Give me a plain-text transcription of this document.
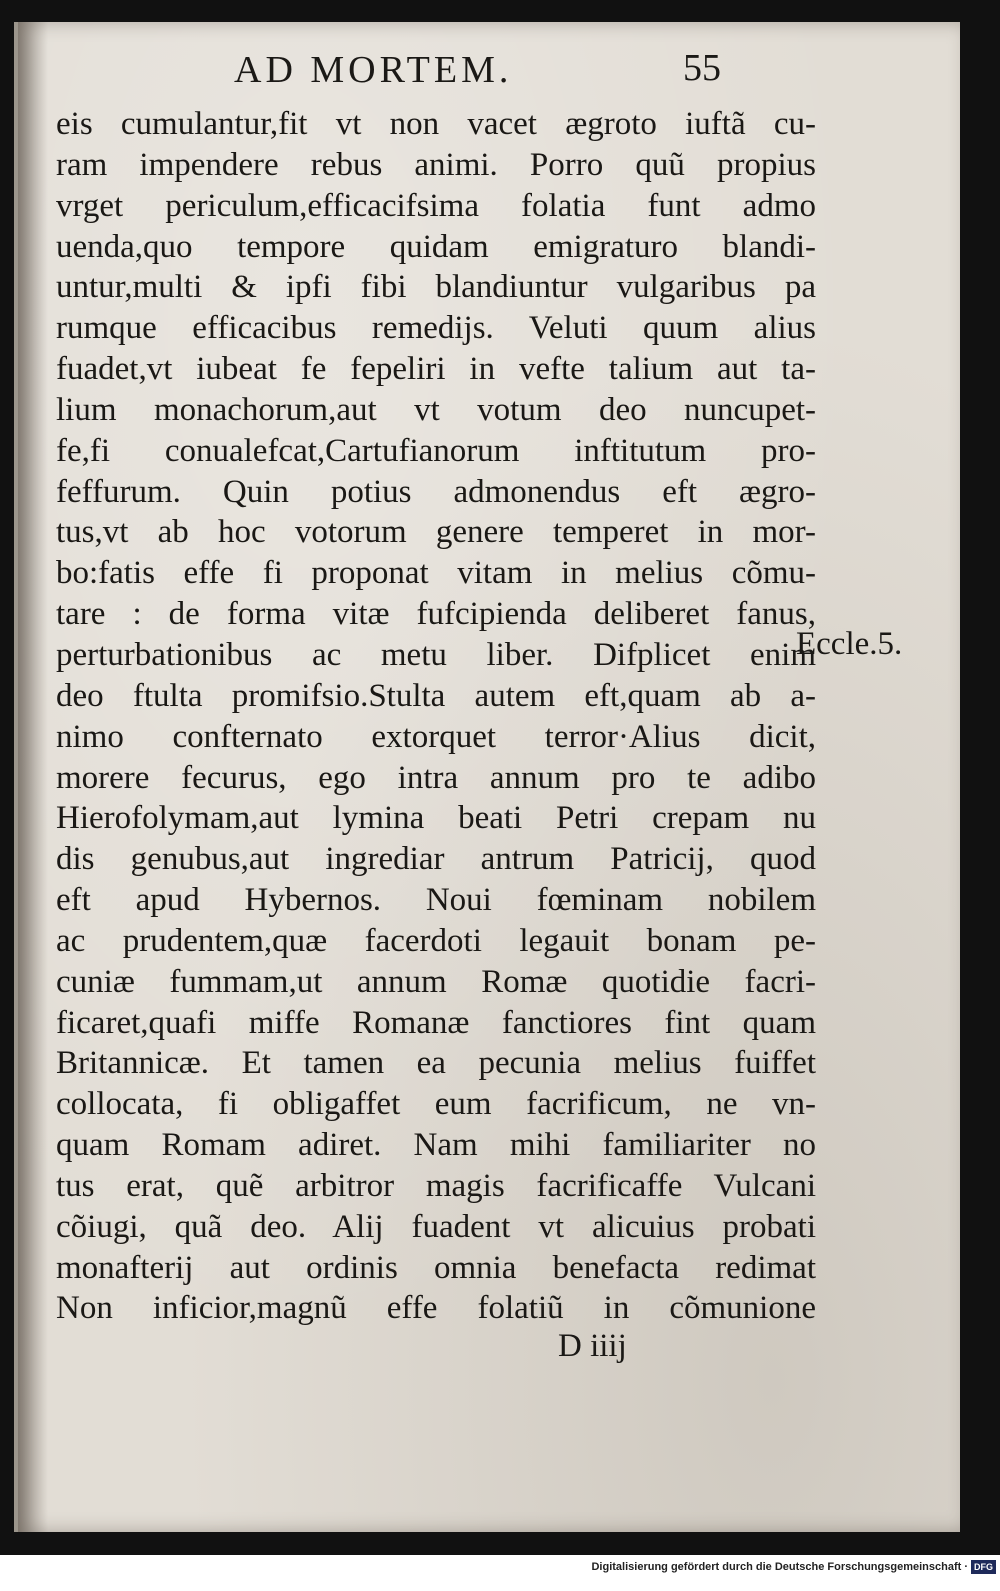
AD MORTEM.	55
eis cumulantur,fit vt non vacet ægroto iuftã cu-
ram impendere rebus animi. Porro quũ propius
vrget periculum,efficacifsima folatia funt admo
uenda,quo tempore quidam emigraturo blandi-
untur,multi & ipfi fibi blandiuntur vulgaribus pa
rumque efficacibus remedijs. Veluti quum alius
fuadet,vt iubeat fe fepeliri in vefte talium aut ta-
lium monachorum,aut vt votum deo nuncupet-
fe,fi conualefcat,Cartufianorum inftitutum pro-
feffurum. Quin potius admonendus eft ægro-
tus,vt ab hoc votorum genere temperet in mor-
bo:fatis effe fi proponat vitam in melius cõmu-
tare : de forma vitæ fufcipienda deliberet fanus,
perturbationibus ac metu liber. Difplicet enim
deo ftulta promifsio.Stulta autem eft,quam ab a-
nimo confternato extorquet terror·Alius dicit,
morere fecurus, ego intra annum pro te adibo
Hierofolymam,aut lymina beati Petri crepam nu
dis genubus,aut ingrediar antrum Patricij, quod
eft apud Hybernos. Noui fœminam nobilem
ac prudentem,quæ facerdoti legauit bonam pe-
cuniæ fummam,ut annum Romæ quotidie facri-
ficaret,quafi miffe Romanæ fanctiores fint quam
Britannicæ. Et tamen ea pecunia melius fuiffet
collocata, fi obligaffet eum facrificum, ne vn-
quam Romam adiret. Nam mihi familiariter no
tus erat, quẽ arbitror magis facrificaffe Vulcani
cõiugi, quã deo. Alij fuadent vt alicuius probati
monafterij aut ordinis omnia benefacta redimat
Non inficior,magnũ effe folatiũ in cõmunione
Eccle.5.
D iiij
Digitalisierung gefördert durch die Deutsche Forschungsgemeinschaft · DFG
